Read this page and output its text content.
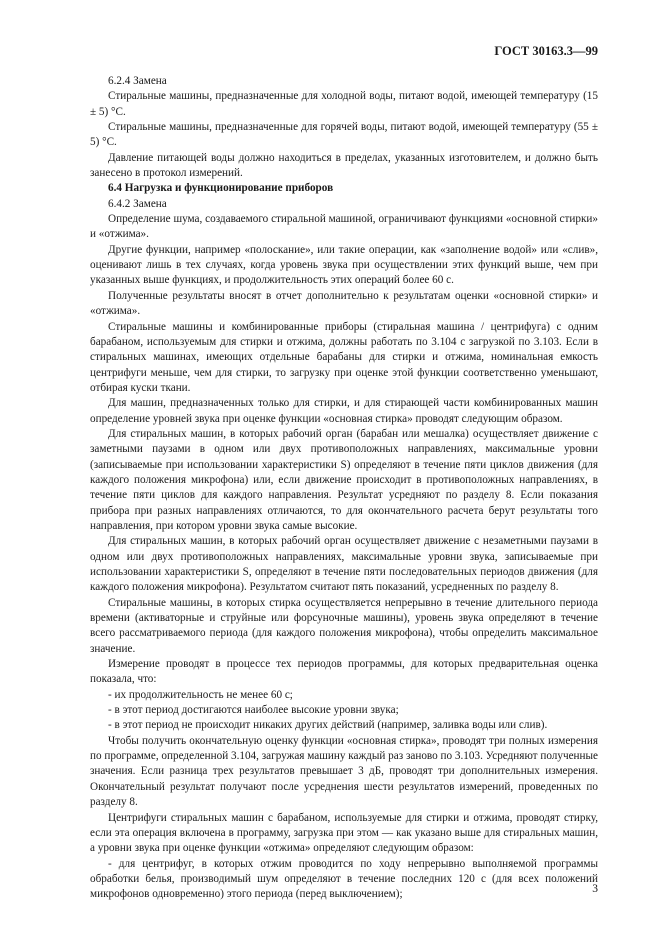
ГОСТ 30163.3—99

6.2.4 Замена

Стиральные машины, предназначенные для холодной воды, питают водой, имеющей температуру (15 ± 5) °С.

Стиральные машины, предназначенные для горячей воды, питают водой, имеющей температуру (55 ± 5) °С.

Давление питающей воды должно находиться в пределах, указанных изготовителем, и должно быть занесено в протокол измерений.

6.4 Нагрузка и функционирование приборов

6.4.2 Замена

Определение шума, создаваемого стиральной машиной, ограничивают функциями «основной стирки» и «отжима».

Другие функции, например «полоскание», или такие операции, как «заполнение водой» или «слив», оценивают лишь в тех случаях, когда уровень звука при осуществлении этих функций выше, чем при указанных выше функциях, и продолжительность этих операций более 60 с.

Полученные результаты вносят в отчет дополнительно к результатам оценки «основной стирки» и «отжима».

Стиральные машины и комбинированные приборы (стиральная машина / центрифуга) с одним барабаном, используемым для стирки и отжима, должны работать по 3.104 с загрузкой по 3.103. Если в стиральных машинах, имеющих отдельные барабаны для стирки и отжима, номинальная емкость центрифуги меньше, чем для стирки, то загрузку при оценке этой функции соответственно уменьшают, отбирая куски ткани.

Для машин, предназначенных только для стирки, и для стирающей части комбинированных машин определение уровней звука при оценке функции «основная стирка» проводят следующим образом.

Для стиральных машин, в которых рабочий орган (барабан или мешалка) осуществляет движение с заметными паузами в одном или двух противоположных направлениях, максимальные уровни (записываемые при использовании характеристики S) определяют в течение пяти циклов движения (для каждого положения микрофона) или, если движение происходит в противоположных направлениях, в течение пяти циклов для каждого направления. Результат усредняют по разделу 8. Если показания прибора при разных направлениях отличаются, то для окончательного расчета берут результаты того направления, при котором уровни звука самые высокие.

Для стиральных машин, в которых рабочий орган осуществляет движение с незаметными паузами в одном или двух противоположных направлениях, максимальные уровни звука, записываемые при использовании характеристики S, определяют в течение пяти последовательных периодов движения (для каждого положения микрофона). Результатом считают пять показаний, усредненных по разделу 8.

Стиральные машины, в которых стирка осуществляется непрерывно в течение длительного периода времени (активаторные и струйные или форсуночные машины), уровень звука определяют в течение всего рассматриваемого периода (для каждого положения микрофона), чтобы определить максимальное значение.

Измерение проводят в процессе тех периодов программы, для которых предварительная оценка показала, что:

- их продолжительность не менее 60 с;

- в этот период достигаются наиболее высокие уровни звука;

- в этот период не происходит никаких других действий (например, заливка воды или слив).

Чтобы получить окончательную оценку функции «основная стирка», проводят три полных измерения по программе, определенной 3.104, загружая машину каждый раз заново по 3.103. Усредняют полученные значения. Если разница трех результатов превышает 3 дБ, проводят три дополнительных измерения. Окончательный результат получают после усреднения шести результатов измерений, проведенных по разделу 8.

Центрифуги стиральных машин с барабаном, используемые для стирки и отжима, проводят стирку, если эта операция включена в программу, загрузка при этом — как указано выше для стиральных машин, а уровни звука при оценке функции «отжима» определяют следующим образом:

- для центрифуг, в которых отжим проводится по ходу непрерывно выполняемой программы обработки белья, производимый шум определяют в течение последних 120 с (для всех положений микрофонов одновременно) этого периода (перед выключением);	3
